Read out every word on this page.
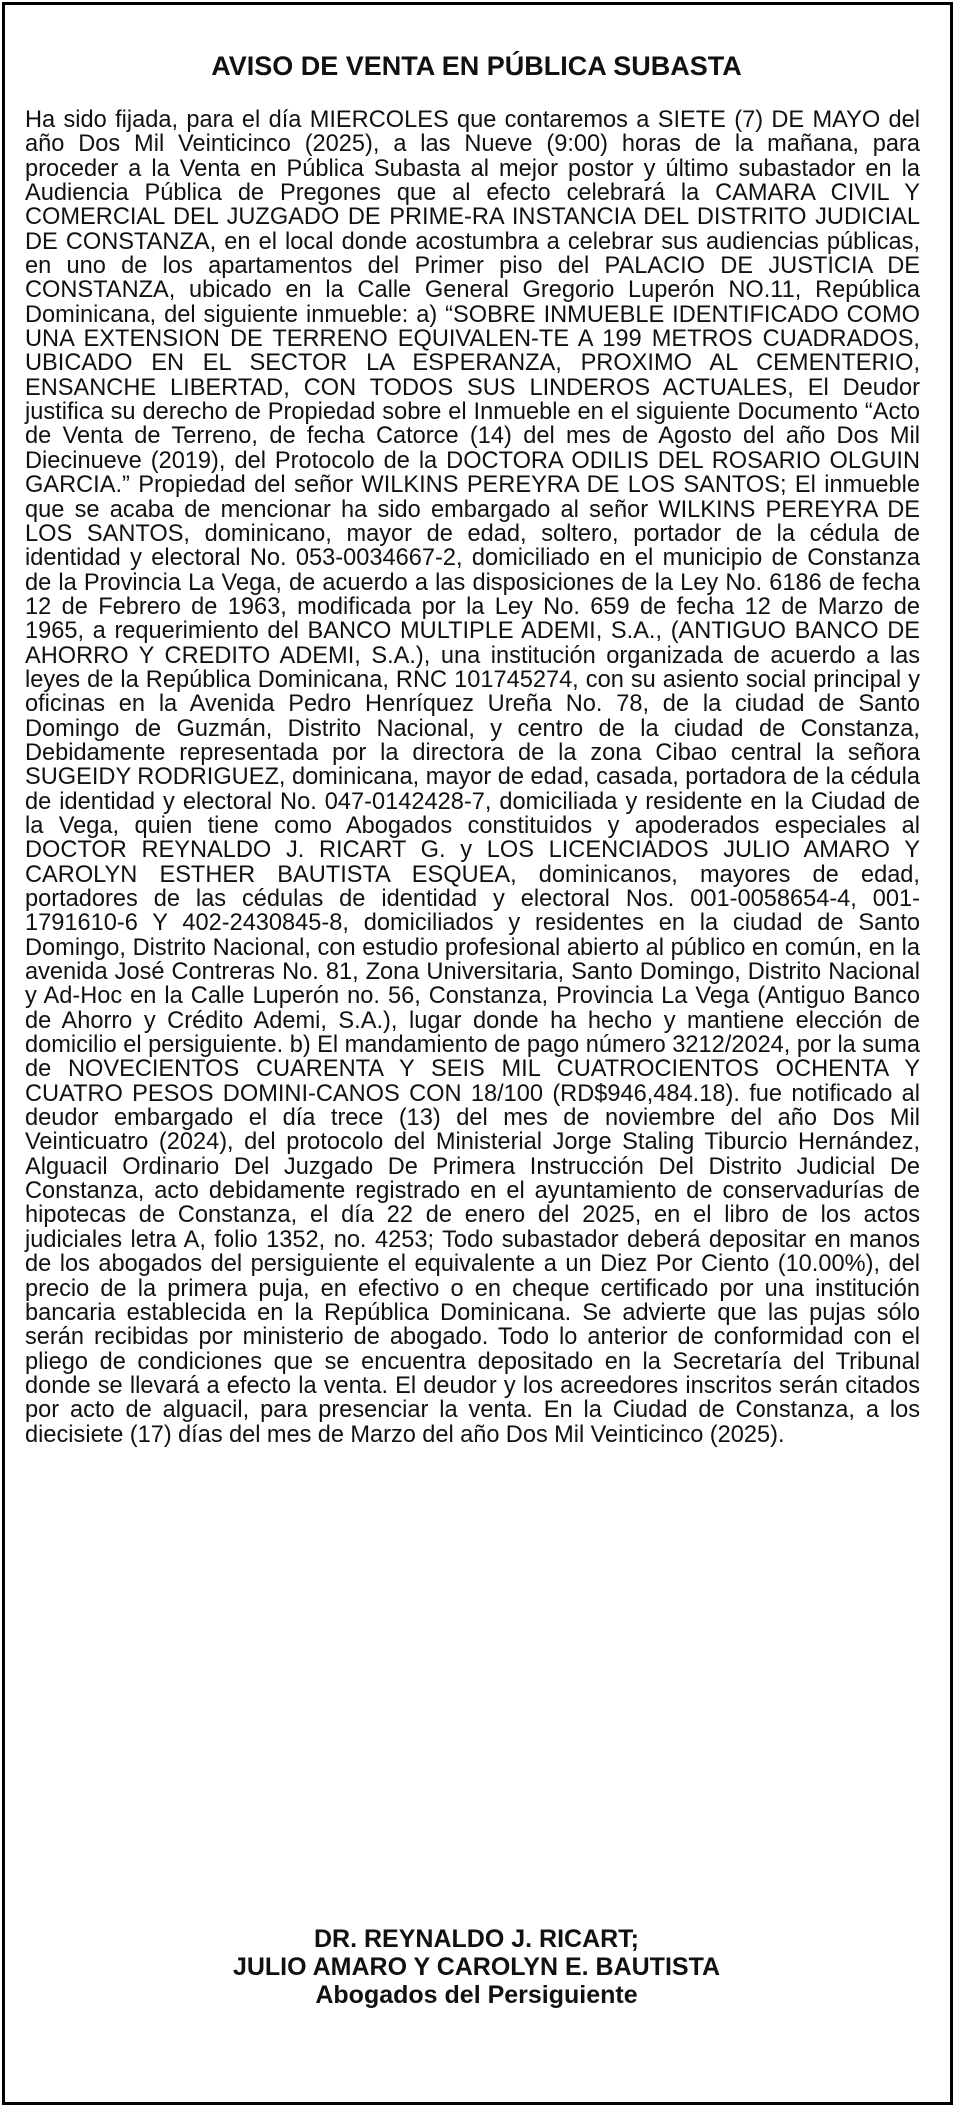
AVISO DE VENTA EN PÚBLICA SUBASTA
Ha sido fijada, para el día MIERCOLES que contaremos a SIETE (7) DE MAYO del año Dos Mil Veinticinco (2025), a las Nueve (9:00) horas de la mañana, para proceder a la Venta en Pública Subasta al mejor postor y último subastador en la Audiencia Pública de Pregones que al efecto celebrará la CAMARA CIVIL Y COMERCIAL DEL JUZGADO DE PRIME-RA INSTANCIA DEL DISTRITO JUDICIAL DE CONSTANZA, en el local donde acostumbra a celebrar sus audiencias públicas, en uno de los apartamentos del Primer piso del PALACIO DE JUSTICIA DE CONSTANZA, ubicado en la Calle General Gregorio Luperón NO.11, República Dominicana, del siguiente inmueble: a) “SOBRE INMUEBLE IDENTIFICADO COMO UNA EXTENSION DE TERRENO EQUIVALEN-TE A 199 METROS CUADRADOS, UBICADO EN EL SECTOR LA ESPERANZA, PROXIMO AL CEMENTERIO, ENSANCHE LIBERTAD, CON TODOS SUS LINDEROS ACTUALES, El Deudor justifica su derecho de Propiedad sobre el Inmueble en el siguiente Documento “Acto de Venta de Terreno, de fecha Catorce (14) del mes de Agosto del año Dos Mil Diecinueve (2019), del Protocolo de la DOCTORA ODILIS DEL ROSARIO OLGUIN GARCIA.” Propiedad del señor WILKINS PEREYRA DE LOS SANTOS; El inmueble que se acaba de mencionar ha sido embargado al señor WILKINS PEREYRA DE LOS SANTOS, dominicano, mayor de edad, soltero, portador de la cédula de identidad y electoral No. 053-0034667-2, domiciliado en el municipio de Constanza de la Provincia La Vega, de acuerdo a las disposiciones de la Ley No. 6186 de fecha 12 de Febrero de 1963, modificada por la Ley No. 659 de fecha 12 de Marzo de 1965, a requerimiento del BANCO MULTIPLE ADEMI, S.A., (ANTIGUO BANCO DE AHORRO Y CREDITO ADEMI, S.A.), una institución organizada de acuerdo a las leyes de la República Dominicana, RNC 101745274, con su asiento social principal y oficinas en la Avenida Pedro Henríquez Ureña No. 78, de la ciudad de Santo Domingo de Guzmán, Distrito Nacional, y centro de la ciudad de Constanza, Debidamente representada por la directora de la zona Cibao central la señora SUGEIDY RODRIGUEZ, dominicana, mayor de edad, casada, portadora de la cédula de identidad y electoral No. 047-0142428-7, domiciliada y residente en la Ciudad de la Vega, quien tiene como Abogados constituidos y apoderados especiales al DOCTOR REYNALDO J. RICART G. y LOS LICENCIADOS JULIO AMARO Y CAROLYN ESTHER BAUTISTA ESQUEA, dominicanos, mayores de edad, portadores de las cédulas de identidad y electoral Nos. 001-0058654-4, 001-1791610-6 Y 402-2430845-8, domiciliados y residentes en la ciudad de Santo Domingo, Distrito Nacional, con estudio profesional abierto al público en común, en la avenida José Contreras No. 81, Zona Universitaria, Santo Domingo, Distrito Nacional y Ad-Hoc en la Calle Luperón no. 56, Constanza, Provincia La Vega (Antiguo Banco de Ahorro y Crédito Ademi, S.A.), lugar donde ha hecho y mantiene elección de domicilio el persiguiente. b) El mandamiento de pago número 3212/2024, por la suma de NOVECIENTOS CUARENTA Y SEIS MIL CUATROCIENTOS OCHENTA Y CUATRO PESOS DOMINI-CANOS CON 18/100 (RD$946,484.18). fue notificado al deudor embargado el día trece (13) del mes de noviembre del año Dos Mil Veinticuatro (2024), del protocolo del Ministerial Jorge Staling Tiburcio Hernández, Alguacil Ordinario Del Juzgado De Primera Instrucción Del Distrito Judicial De Constanza, acto debidamente registrado en el ayuntamiento de conservadurías de hipotecas de Constanza, el día 22 de enero del 2025, en el libro de los actos judiciales letra A, folio 1352, no. 4253; Todo subastador deberá depositar en manos de los abogados del persiguiente el equivalente a un Diez Por Ciento (10.00%), del precio de la primera puja, en efectivo o en cheque certificado por una institución bancaria establecida en la República Dominicana. Se advierte que las pujas sólo serán recibidas por ministerio de abogado. Todo lo anterior de conformidad con el pliego de condiciones que se encuentra depositado en la Secretaría del Tribunal donde se llevará a efecto la venta. El deudor y los acreedores inscritos serán citados por acto de alguacil, para presenciar la venta. En la Ciudad de Constanza, a los diecisiete (17) días del mes de Marzo del año Dos Mil Veinticinco (2025).
DR. REYNALDO J. RICART;
JULIO AMARO Y CAROLYN E. BAUTISTA
Abogados del Persiguiente
